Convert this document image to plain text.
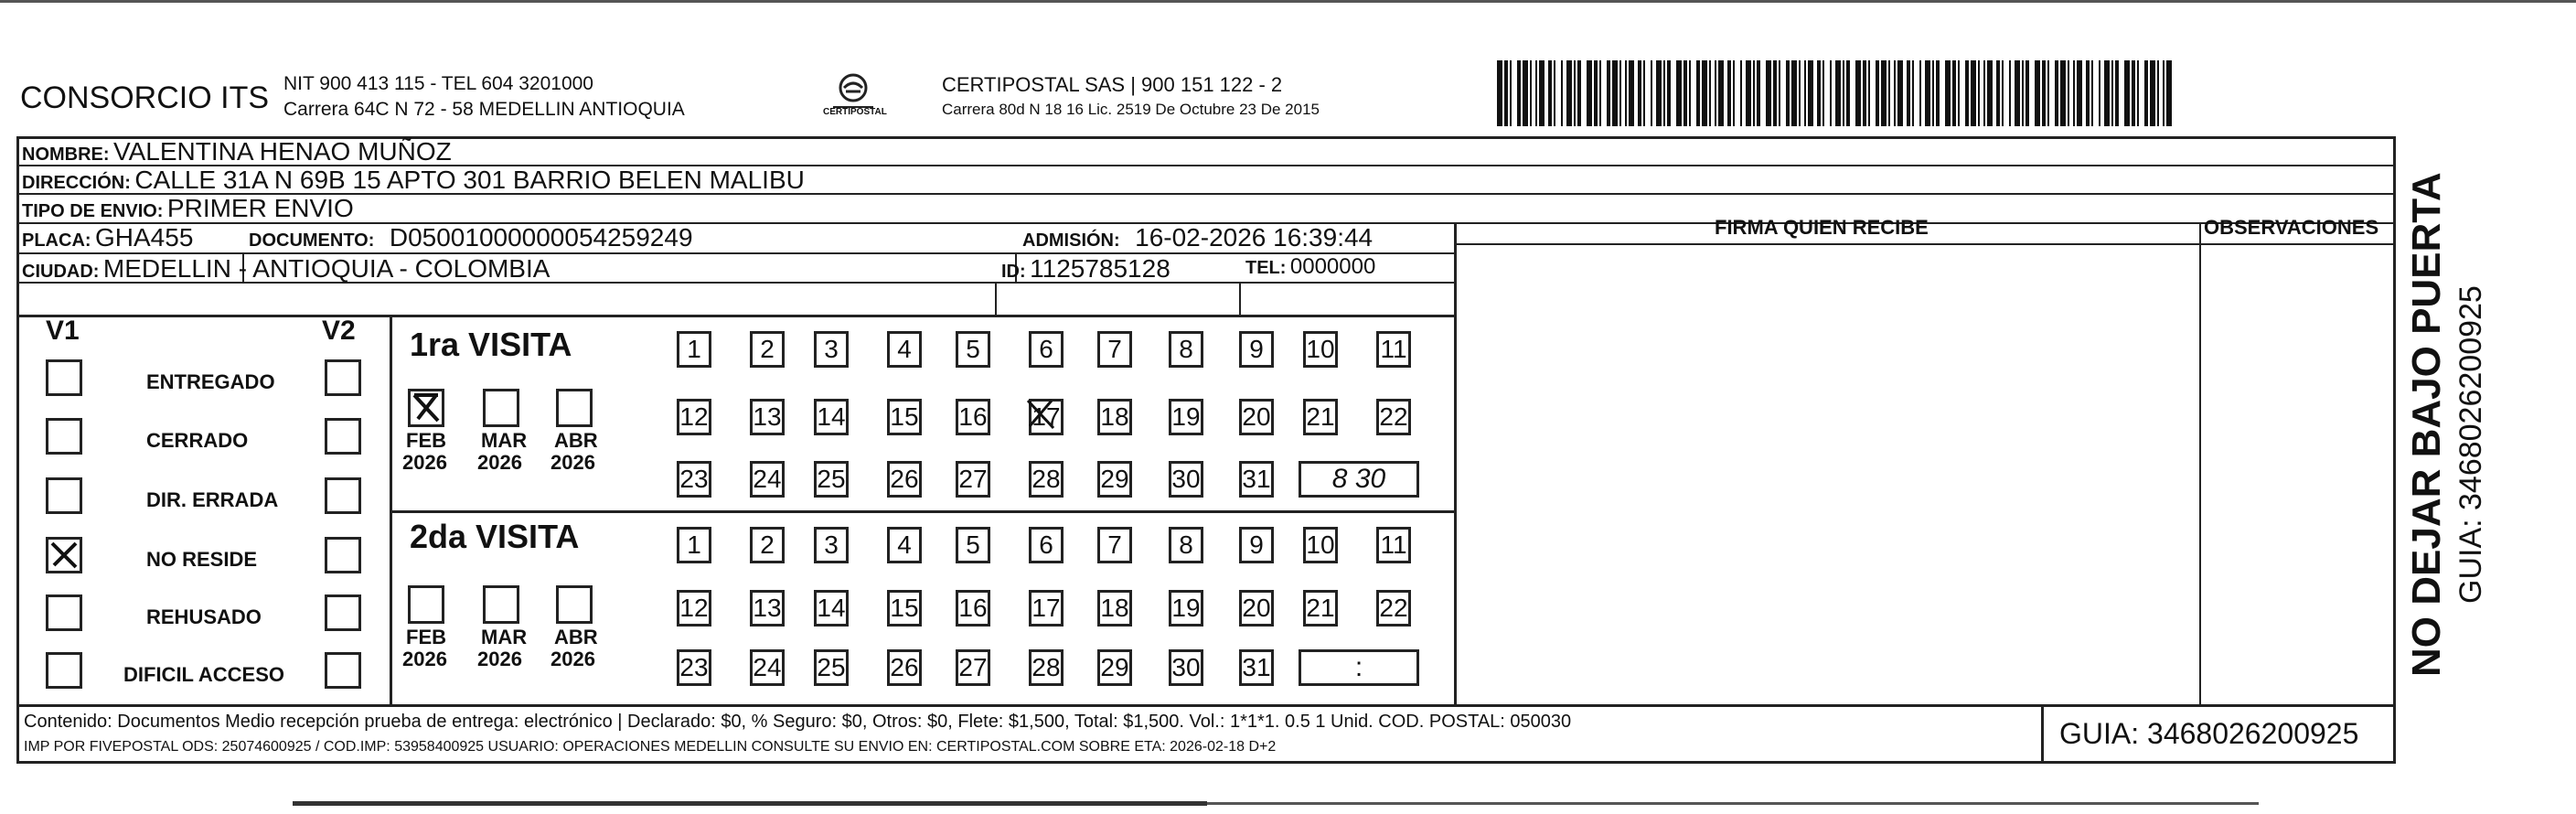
CONSORCIO ITS NIT 900 413 115 - TEL 604 3201000
Carrera 64C N 72 - 58 MEDELLIN ANTIOQUIA	CERTIPOSTAL
CERTIPOSTAL SAS | 900 151 122 - 2
Carrera 80d N 18 16 Lic. 2519 De Octubre 23 De 2015
NOMBRE: VALENTINA HENAO MUÑOZ
DIRECCIÓN: CALLE 31A N 69B 15 APTO 301 BARRIO BELEN MALIBU
TIPO DE ENVIO: PRIMER ENVIO
FIRMA QUIEN RECIBE	OBSERVACIONES
PLACA: GHA455	DOCUMENTO: D05001000000054259249	ADMISIÓN: 16-02-2026 16:39:44
CIUDAD: MEDELLIN - ANTIOQUIA - COLOMBIA	ID: 1125785128	TEL: 0000000
V1	V2 1ra VISITA
2da VISITA
Contenido: Documentos Medio recepción prueba de entrega: electrónico | Declarado: $0, % Seguro: $0, Otros: $0, Flete: $1,500, Total: $1,500. Vol.: 1*1*1. 0.5 1 Unid. COD. POSTAL: 050030
IMP POR FIVEPOSTAL ODS: 25074600925 / COD.IMP: 53958400925 USUARIO: OPERACIONES MEDELLIN CONSULTE SU ENVIO EN: CERTIPOSTAL.COM SOBRE ETA: 2026-02-18 D+2	GUIA: 3468026200925
NO DEJAR BAJO PUERTA GUIA: 3468026200925
ENTREGADO
CERRADO
DIR. ERRADA
NO RESIDE
REHUSADO
DIFICIL ACCESO
FEB
2026
MAR
2026
ABR
2026
FEB
2026
MAR
2026
ABR
2026
1	2	3	4	5	6	7	8	9	10 11
12 13 14 15 16 17 18 19 20 21 22
23 24 25 26 27 28 29 30 31	8 30
1	2	3	4	5	6	7	8	9	10 11
12 13 14 15 16 17 18 19 20 21 22
23 24 25 26 27 28 29 30 31	:
